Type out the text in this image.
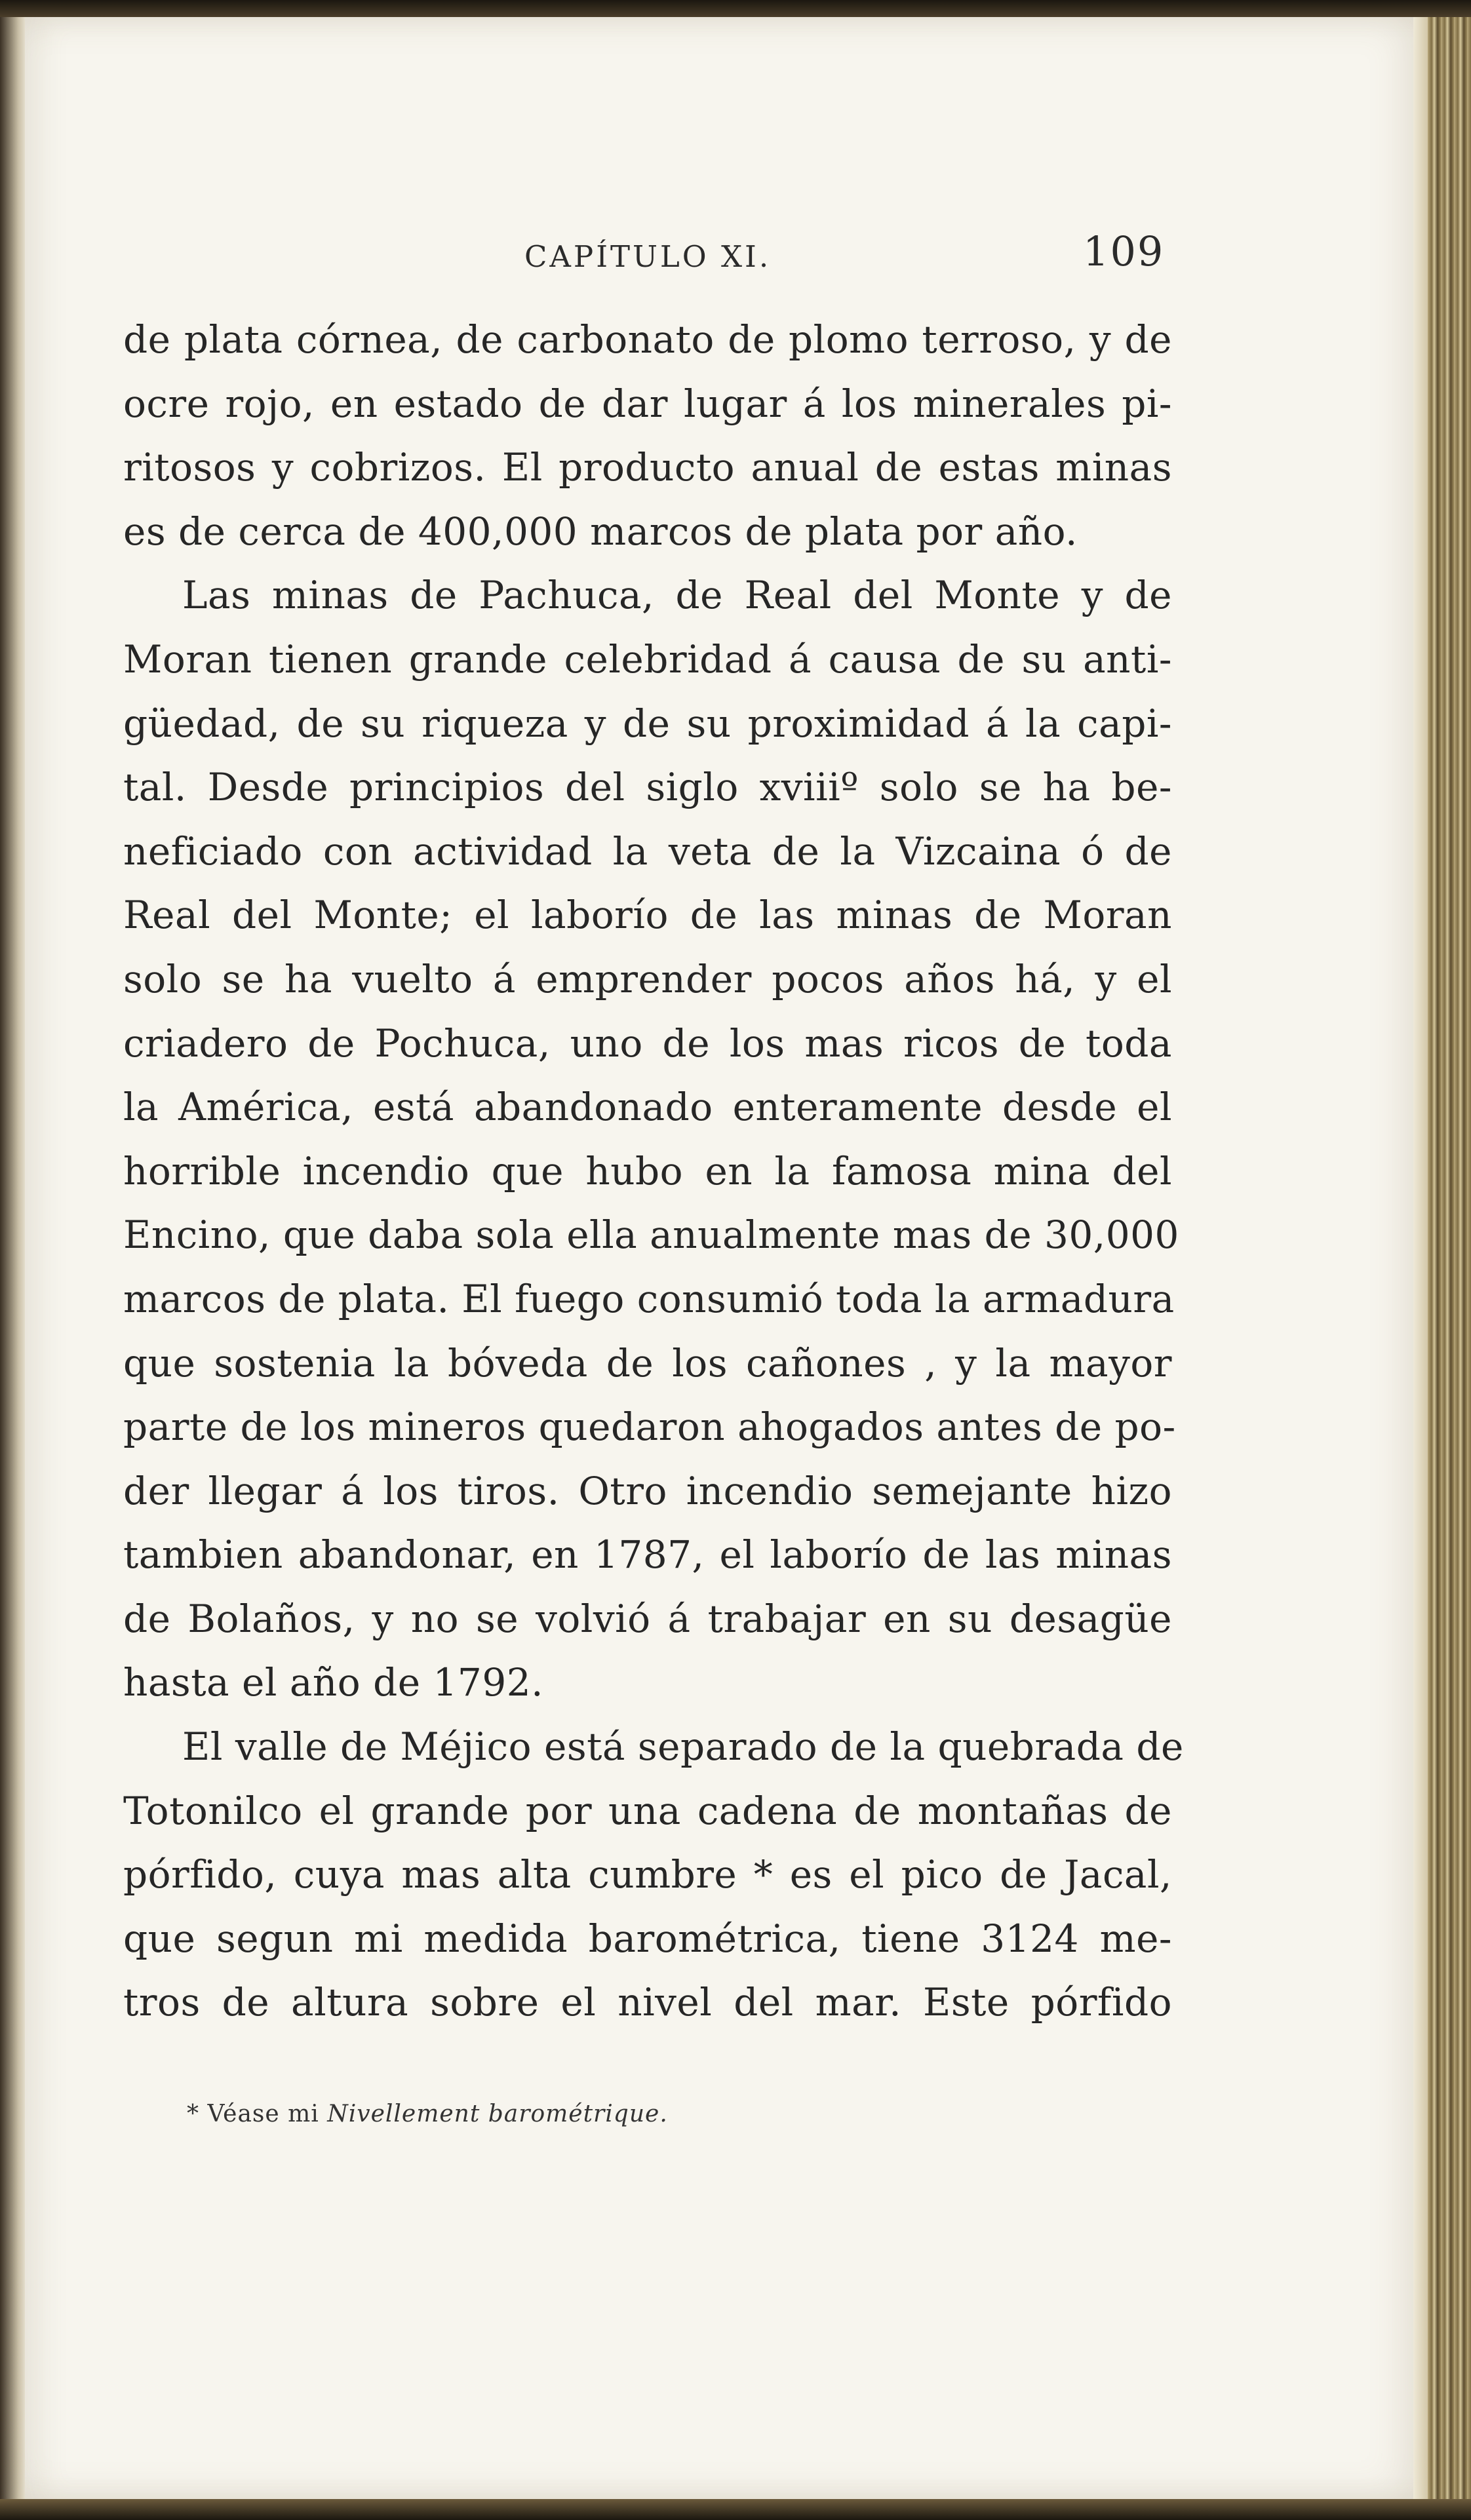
CAPÍTULO XI.	109
de plata córnea, de carbonato de plomo terroso, y de
ocre rojo, en estado de dar lugar á los minerales pi-
ritosos y cobrizos. El producto anual de estas minas
es de cerca de 400,000 marcos de plata por año.
Las minas de Pachuca, de Real del Monte y de
Moran tienen grande celebridad á causa de su anti-
güedad, de su riqueza y de su proximidad á la capi-
tal. Desde principios del siglo xviiiº solo se ha be-
neficiado con actividad la veta de la Vizcaina ó de
Real del Monte; el laborío de las minas de Moran
solo se ha vuelto á emprender pocos años há, y el
criadero de Pochuca, uno de los mas ricos de toda
la América, está abandonado enteramente desde el
horrible incendio que hubo en la famosa mina del
Encino, que daba sola ella anualmente mas de 30,000
marcos de plata. El fuego consumió toda la armadura
que sostenia la bóveda de los cañones , y la mayor
parte de los mineros quedaron ahogados antes de po-
der llegar á los tiros. Otro incendio semejante hizo
tambien abandonar, en 1787, el laborío de las minas
de Bolaños, y no se volvió á trabajar en su desagüe
hasta el año de 1792.
El valle de Méjico está separado de la quebrada de
Totonilco el grande por una cadena de montañas de
pórfido, cuya mas alta cumbre * es el pico de Jacal,
que segun mi medida barométrica, tiene 3124 me-
tros de altura sobre el nivel del mar. Este pórfido
* Véase mi Nivellement barométrique.
